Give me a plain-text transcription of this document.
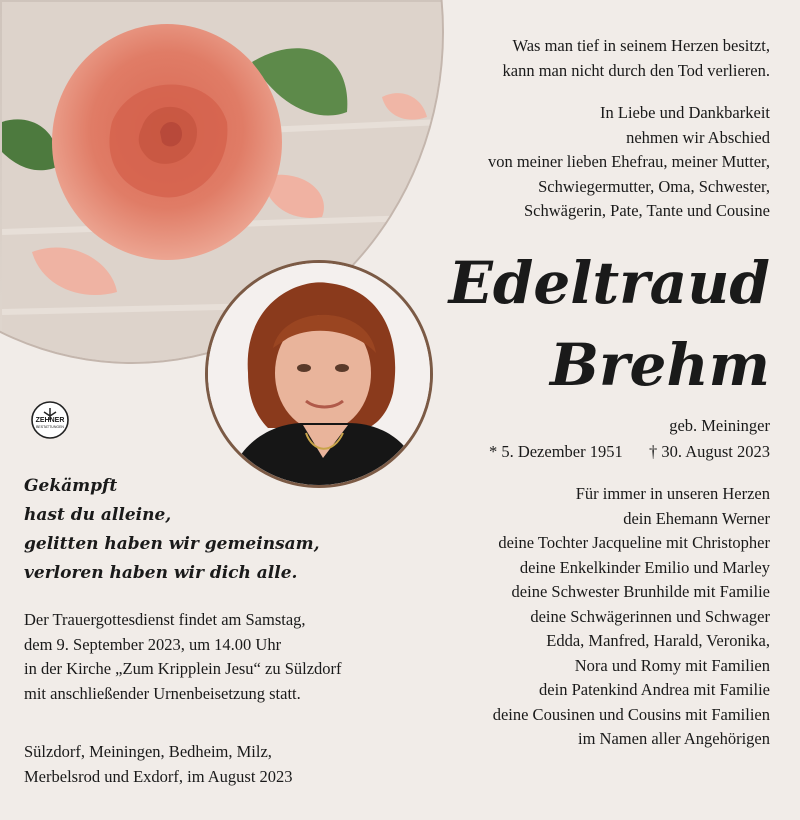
ZEHNER
BESTATTUNGEN
Was man tief in seinem Herzen besitzt,
kann man nicht durch den Tod verlieren.
In Liebe und Dankbarkeit
nehmen wir Abschied
von meiner lieben Ehefrau, meiner Mutter,
Schwiegermutter, Oma, Schwester,
Schwägerin, Pate, Tante und Cousine
Edeltraud
Brehm
geb. Meininger
* 5. Dezember 1951 † 30. August 2023
Für immer in unseren Herzen
dein Ehemann Werner
deine Tochter Jacqueline mit Christopher
deine Enkelkinder Emilio und Marley
deine Schwester Brunhilde mit Familie
deine Schwägerinnen und Schwager
Edda, Manfred, Harald, Veronika,
Nora und Romy mit Familien
dein Patenkind Andrea mit Familie
deine Cousinen und Cousins mit Familien
im Namen aller Angehörigen
Gekämpft
hast du alleine,
gelitten haben wir gemeinsam,
verloren haben wir dich alle.
Der Trauergottesdienst findet am Samstag,
dem 9. September 2023, um 14.00 Uhr
in der Kirche „Zum Kripplein Jesu“ zu Sülzdorf
mit anschließender Urnenbeisetzung statt.
Sülzdorf, Meiningen, Bedheim, Milz,
Merbelsrod und Exdorf, im August 2023
